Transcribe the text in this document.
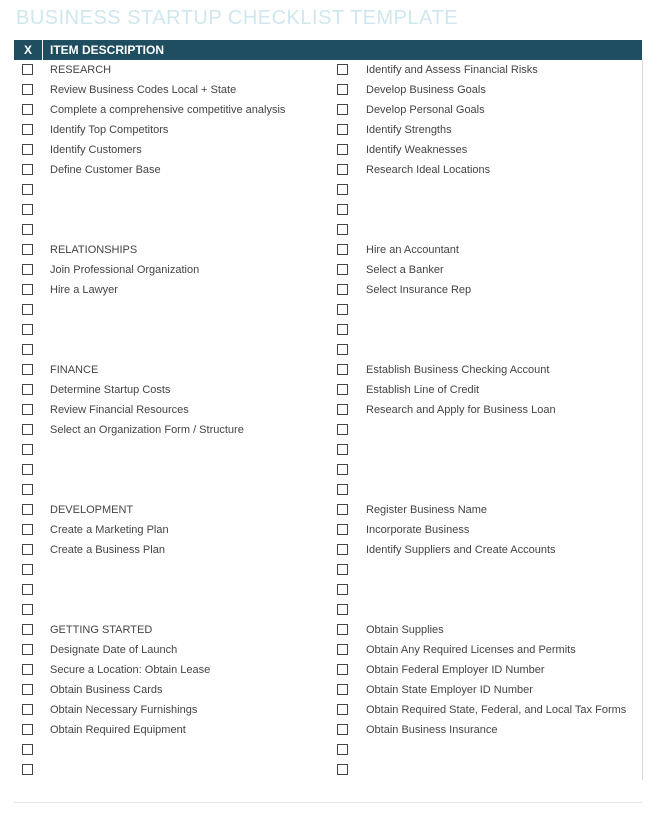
BUSINESS STARTUP CHECKLIST TEMPLATE
X	ITEM DESCRIPTION
RESEARCH
Review Business Codes Local + State
Complete a comprehensive competitive analysis
Identify Top Competitors
Identify Customers
Define Customer Base
RELATIONSHIPS
Join Professional Organization
Hire a Lawyer
FINANCE
Determine Startup Costs
Review Financial Resources
Select an Organization Form / Structure
DEVELOPMENT
Create a Marketing Plan
Create a Business Plan
GETTING STARTED
Designate Date of Launch
Secure a Location: Obtain Lease
Obtain Business Cards
Obtain Necessary Furnishings
Obtain Required Equipment
Identify and Assess Financial Risks
Develop Business Goals
Develop Personal Goals
Identify Strengths
Identify Weaknesses
Research Ideal Locations
Hire an Accountant
Select a Banker
Select Insurance Rep
Establish Business Checking Account
Establish Line of Credit
Research and Apply for Business Loan
Register Business Name
Incorporate Business
Identify Suppliers and Create Accounts
Obtain Supplies
Obtain Any Required Licenses and Permits
Obtain Federal Employer ID Number
Obtain State Employer ID Number
Obtain Required State, Federal, and Local Tax Forms
Obtain Business Insurance
